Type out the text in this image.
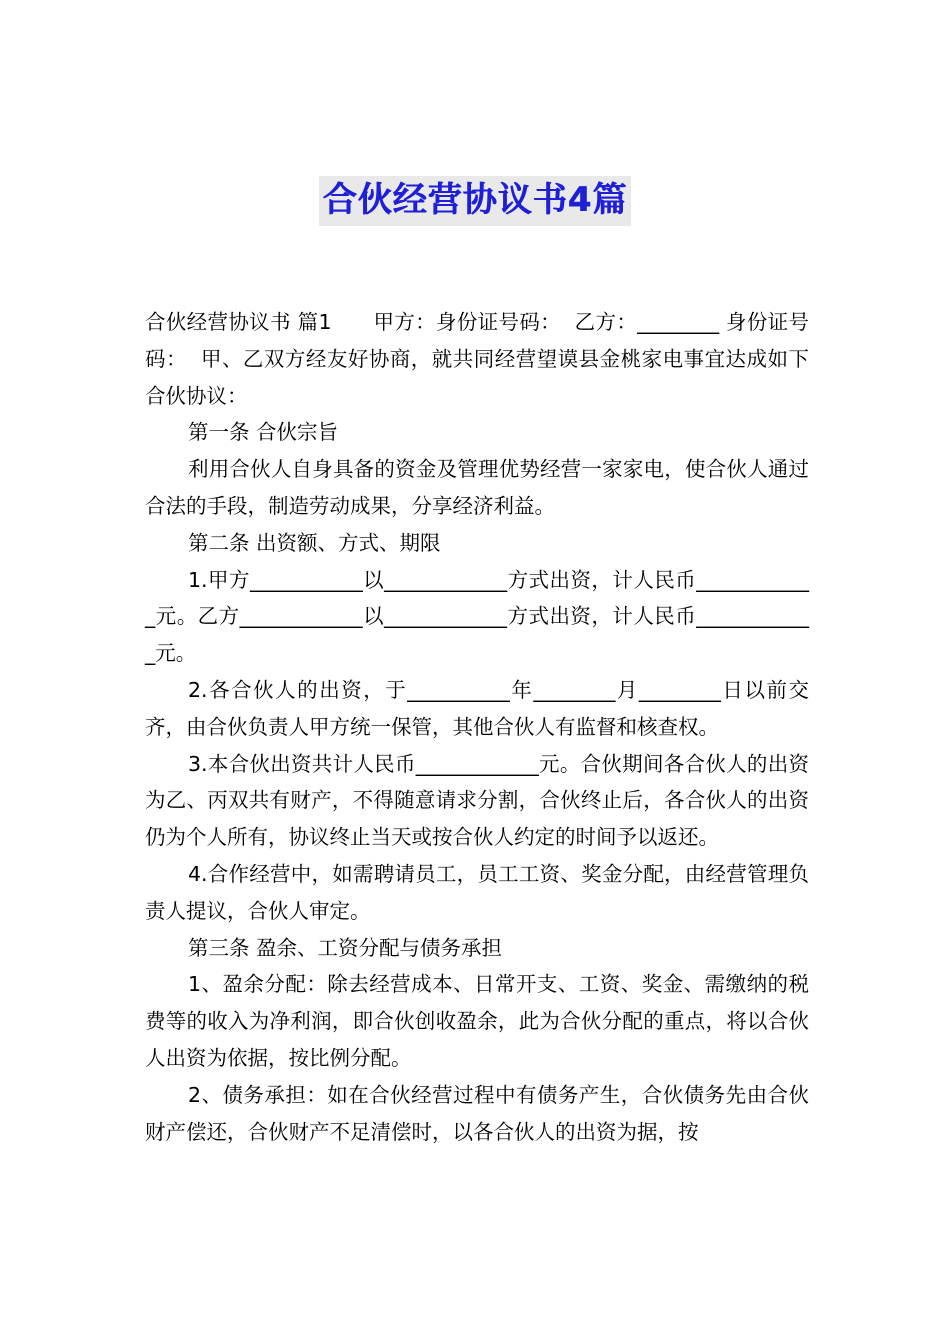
合伙经营协议书4篇

合伙经营协议书 篇1　　甲方：身份证号码：  乙方：________ 身份证号码：  甲、乙双方经友好协商，就共同经营望谟县金桃家电事宜达成如下合伙协议：

第一条 合伙宗旨

利用合伙人自身具备的资金及管理优势经营一家家电，使合伙人通过合法的手段，制造劳动成果，分享经济利益。

第二条 出资额、方式、期限

1.甲方___________以____________方式出资，计人民币____________元。乙方____________以____________方式出资，计人民币____________元。

2.各合伙人的出资，于__________年________月________日以前交齐，由合伙负责人甲方统一保管，其他合伙人有监督和核查权。

3.本合伙出资共计人民币____________元。合伙期间各合伙人的出资为乙、丙双共有财产，不得随意请求分割，合伙终止后，各合伙人的出资仍为个人所有，协议终止当天或按合伙人约定的时间予以返还。

4.合作经营中，如需聘请员工，员工工资、奖金分配，由经营管理负责人提议，合伙人审定。

第三条 盈余、工资分配与债务承担

1、盈余分配：除去经营成本、日常开支、工资、奖金、需缴纳的税费等的收入为净利润，即合伙创收盈余，此为合伙分配的重点，将以合伙人出资为依据，按比例分配。

2、债务承担：如在合伙经营过程中有债务产生，合伙债务先由合伙财产偿还，合伙财产不足清偿时，以各合伙人的出资为据，按
